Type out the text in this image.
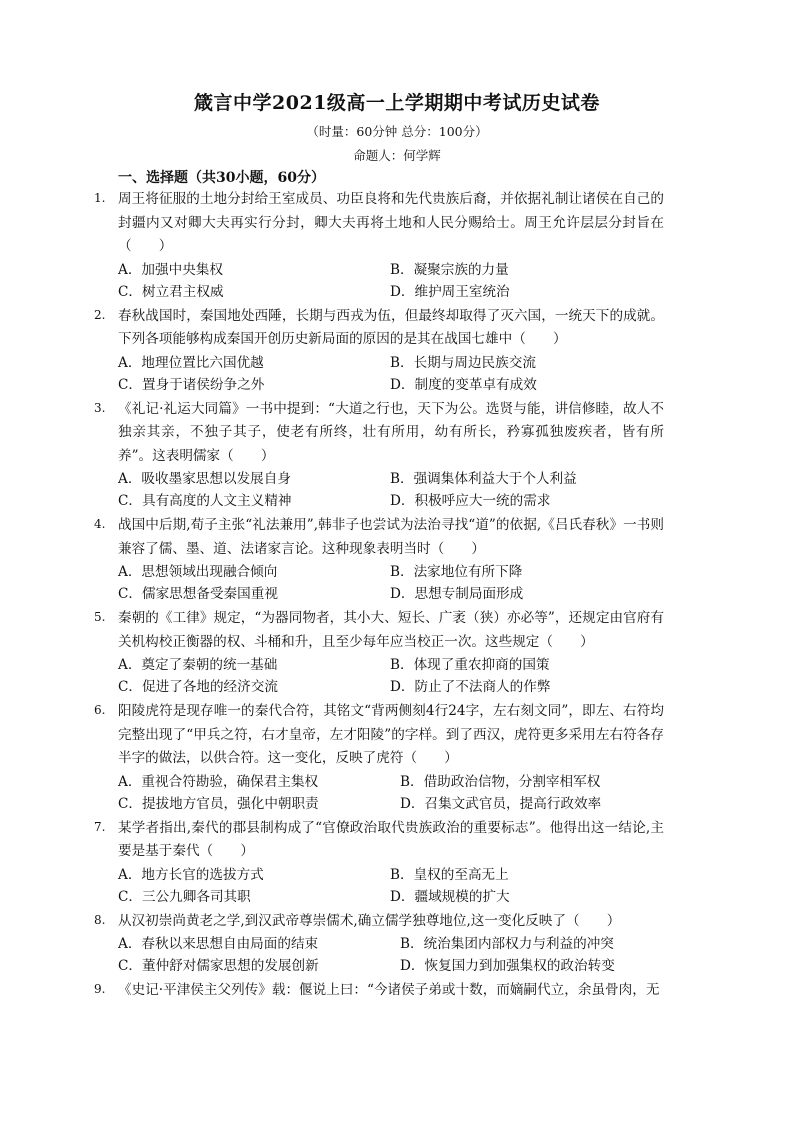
箴言中学2021级高一上学期期中考试历史试卷
（时量：60分钟 总分：100分）
命题人：何学辉
一、选择题（共30小题，60分）
1. 周王将征服的土地分封给王室成员、功臣良将和先代贵族后裔，并依据礼制让诸侯在自己的封疆内又对卿大夫再实行分封，卿大夫再将土地和人民分赐给士。周王允许层层分封旨在（　　）
A．加强中央集权	B．凝聚宗族的力量
C．树立君主权威	D．维护周王室统治
2. 春秋战国时，秦国地处西陲，长期与西戎为伍，但最终却取得了灭六国，一统天下的成就。下列各项能够构成秦国开创历史新局面的原因的是其在战国七雄中（　　）
A．地理位置比六国优越	B．长期与周边民族交流
C．置身于诸侯纷争之外	D．制度的变革卓有成效
3. 《礼记·礼运大同篇》一书中提到：“大道之行也，天下为公。选贤与能，讲信修睦，故人不独亲其亲，不独子其子，使老有所终，壮有所用，幼有所长，矜寡孤独废疾者，皆有所养”。这表明儒家（　　）
A．吸收墨家思想以发展自身	B．强调集体利益大于个人利益
C．具有高度的人文主义精神	D．积极呼应大一统的需求
4. 战国中后期,荀子主张“礼法兼用”,韩非子也尝试为法治寻找“道”的依据,《吕氏春秋》一书则兼容了儒、墨、道、法诸家言论。这种现象表明当时（　　）
A．思想领域出现融合倾向	B．法家地位有所下降
C．儒家思想备受秦国重视	D．思想专制局面形成
5. 秦朝的《工律》规定，“为器同物者，其小大、短长、广袤（狭）亦必等”，还规定由官府有关机构校正衡器的权、斗桶和升，且至少每年应当校正一次。这些规定（　　）
A．奠定了秦朝的统一基础	B．体现了重农抑商的国策
C．促进了各地的经济交流	D．防止了不法商人的作弊
6. 阳陵虎符是现存唯一的秦代合符，其铭文“背两侧刻4行24字，左右刻文同”，即左、右符均完整出现了“甲兵之符，右才皇帝，左才阳陵”的字样。到了西汉，虎符更多采用左右符各存半字的做法，以供合符。这一变化，反映了虎符（　　）
A．重视合符勘验，确保君主集权	B．借助政治信物，分割宰相军权
C．提拔地方官员，强化中朝职责	D．召集文武官员，提高行政效率
7. 某学者指出,秦代的郡县制构成了“官僚政治取代贵族政治的重要标志”。他得出这一结论,主要是基于秦代（　　）
A．地方长官的选拔方式	B．皇权的至高无上
C．三公九卿各司其职	D．疆域规模的扩大
8. 从汉初崇尚黄老之学,到汉武帝尊崇儒术,确立儒学独尊地位,这一变化反映了（　　）
A．春秋以来思想自由局面的结束	B．统治集团内部权力与利益的冲突
C．董仲舒对儒家思想的发展创新	D．恢复国力到加强集权的政治转变
9. 《史记·平津侯主父列传》载：偃说上曰：“今诸侯子弟或十数，而嫡嗣代立，余虽骨肉，无
